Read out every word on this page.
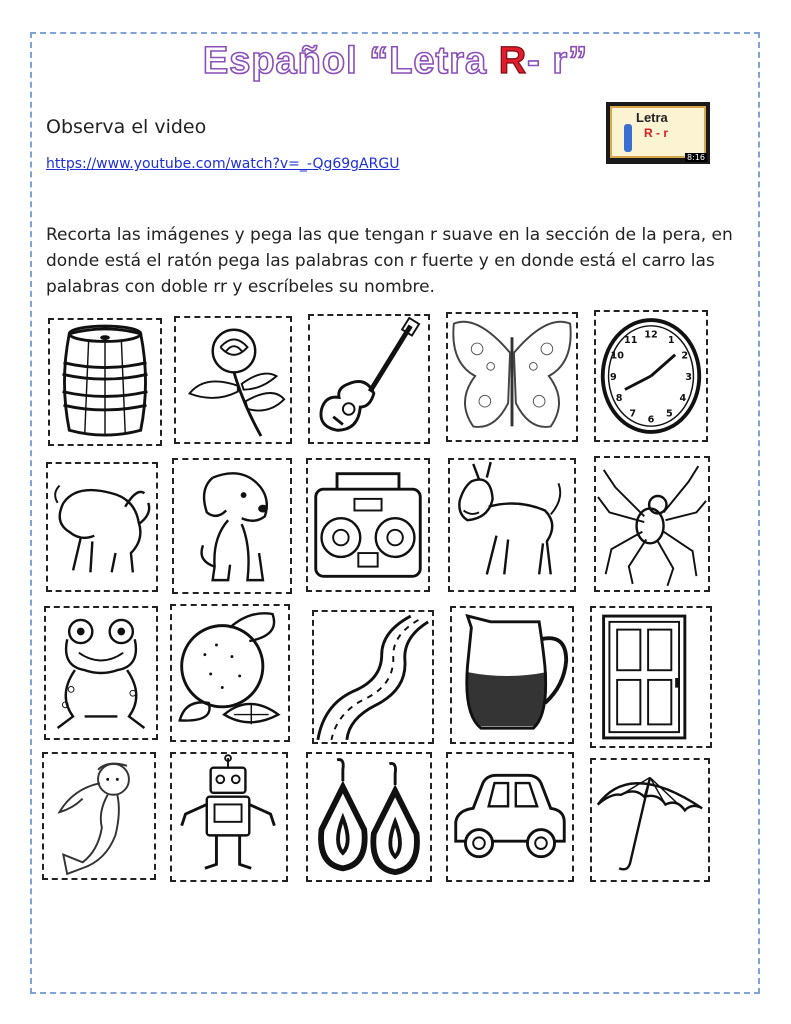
Español “Letra R- r”
Observa el video
https://www.youtube.com/watch?v=_-Qg69gARGU
Letra
R - r
8:16
Recorta las imágenes y pega las que tengan r suave en la sección de la pera, en donde está el ratón pega las palabras con r fuerte y en donde está el carro las palabras con doble rr y escríbeles su nombre.
12
1
2
3
4
5
6
7
8
9
10
11
